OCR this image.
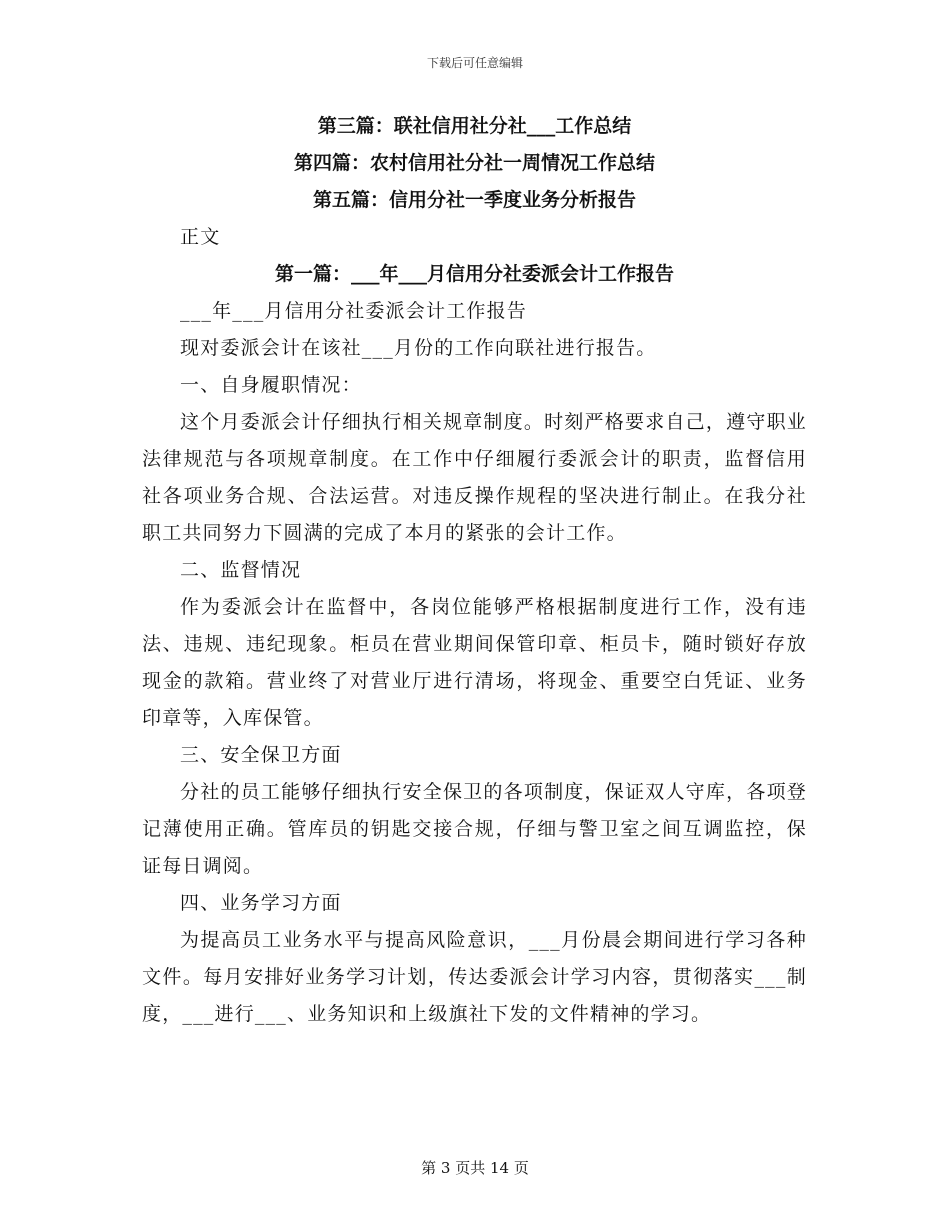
下载后可任意编辑
第三篇：联社信用社分社___工作总结
第四篇：农村信用社分社一周情况工作总结
第五篇：信用分社一季度业务分析报告

正文

第一篇：___年___月信用分社委派会计工作报告

___年___月信用分社委派会计工作报告

现对委派会计在该社___月份的工作向联社进行报告。

一、自身履职情况：

这个月委派会计仔细执行相关规章制度。时刻严格要求自己，遵守职业法律规范与各项规章制度。在工作中仔细履行委派会计的职责，监督信用社各项业务合规、合法运营。对违反操作规程的坚决进行制止。在我分社职工共同努力下圆满的完成了本月的紧张的会计工作。

二、监督情况

作为委派会计在监督中，各岗位能够严格根据制度进行工作，没有违法、违规、违纪现象。柜员在营业期间保管印章、柜员卡，随时锁好存放现金的款箱。营业终了对营业厅进行清场，将现金、重要空白凭证、业务印章等，入库保管。

三、安全保卫方面

分社的员工能够仔细执行安全保卫的各项制度，保证双人守库，各项登记薄使用正确。管库员的钥匙交接合规，仔细与警卫室之间互调监控，保证每日调阅。

四、业务学习方面

为提高员工业务水平与提高风险意识，___月份晨会期间进行学习各种文件。每月安排好业务学习计划，传达委派会计学习内容，贯彻落实___制度，___进行___、业务知识和上级旗社下发的文件精神的学习。

第 3 页共 14 页
